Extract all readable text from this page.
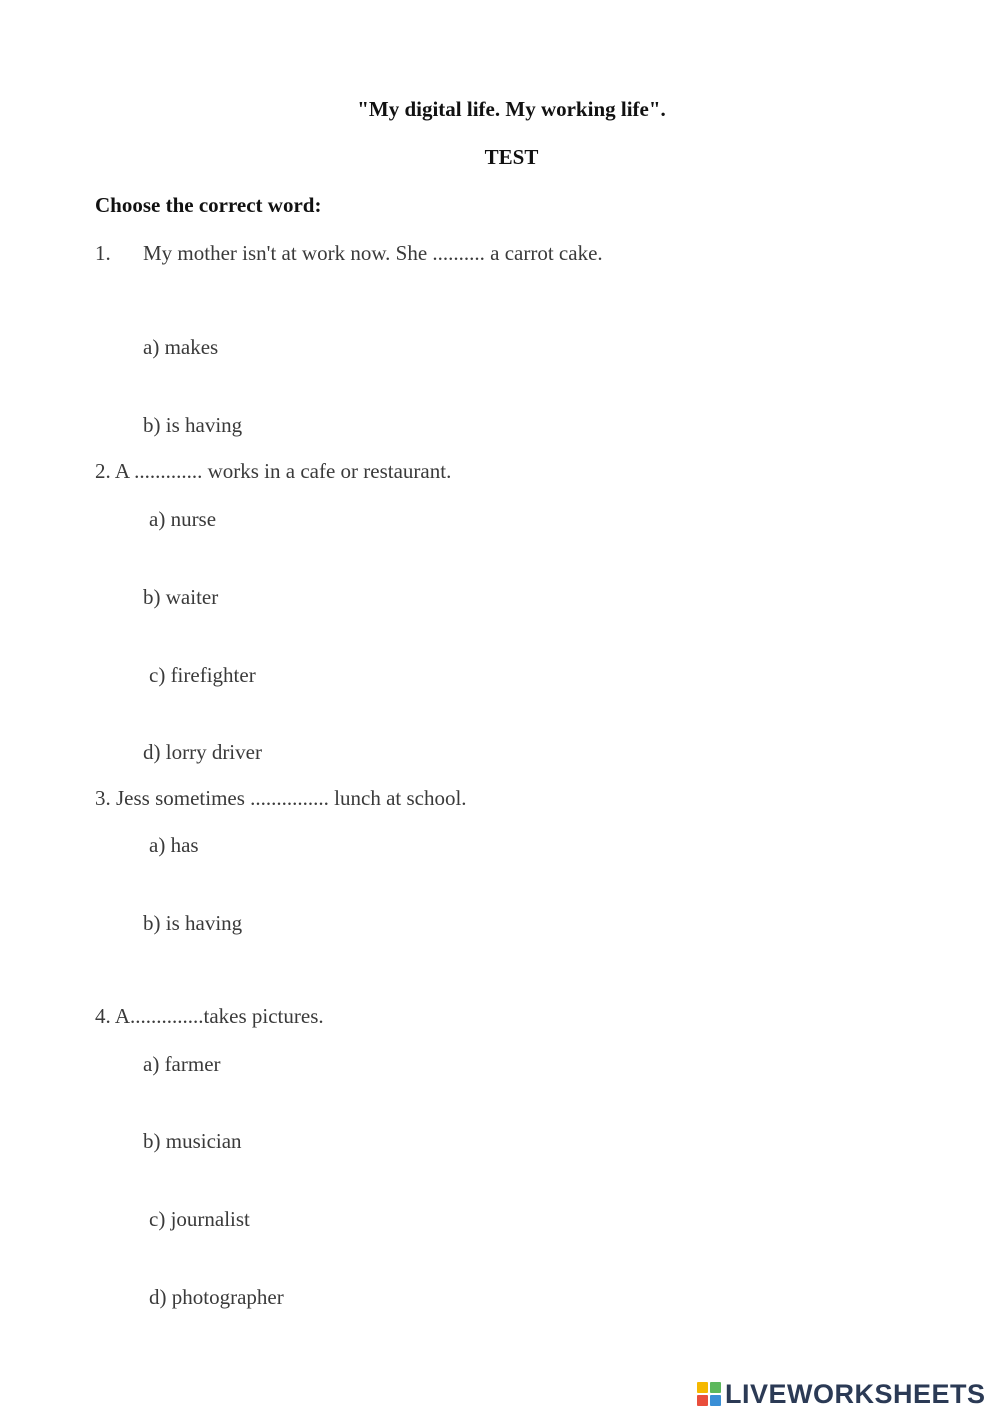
"My digital life. My working life".
TEST
Choose the correct word:
1. My mother isn't at work now. She .......... a carrot cake.
a) makes
b) is having
2. A ............. works in a cafe or restaurant.
a) nurse
b) waiter
c) firefighter
d) lorry driver
3. Jess sometimes ............... lunch at school.
a) has
b) is having
4. A..............takes pictures.
a) farmer
b) musician
c) journalist
d) photographer
LIVEWORKSHEETS
